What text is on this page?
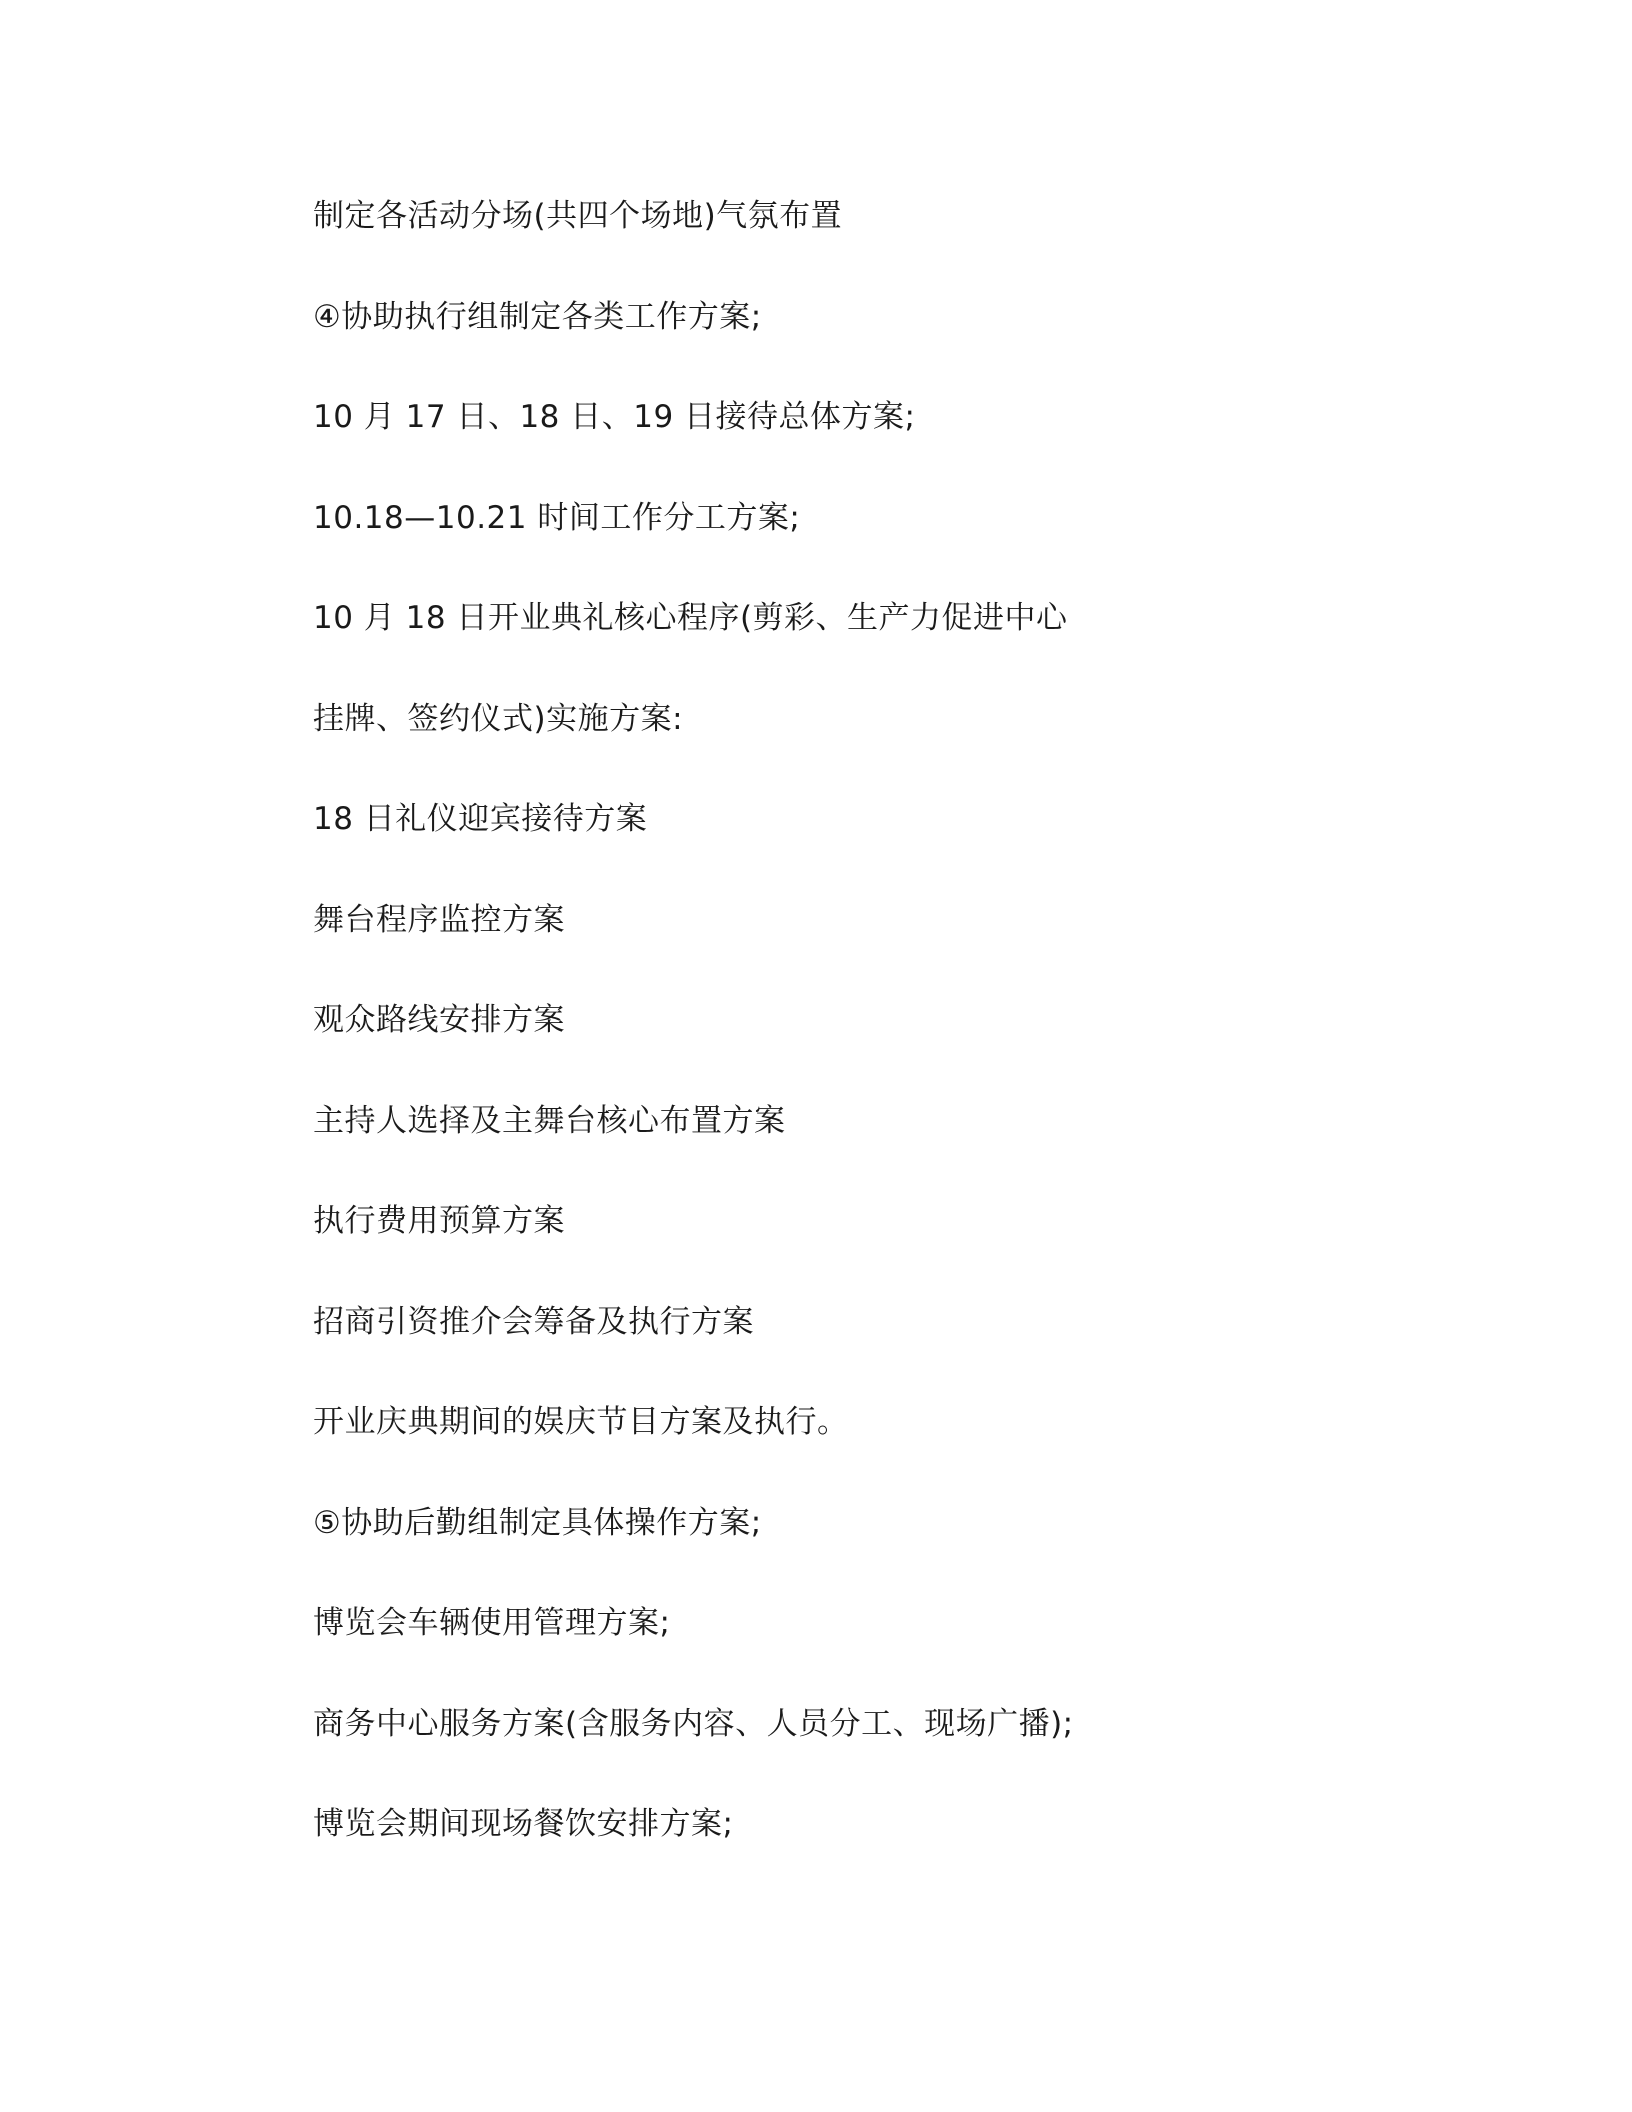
制定各活动分场(共四个场地)气氛布置
④协助执行组制定各类工作方案;
10 月 17 日、18 日、19 日接待总体方案;
10.18—10.21 时间工作分工方案;
10 月 18 日开业典礼核心程序(剪彩、生产力促进中心
挂牌、签约仪式)实施方案:
18 日礼仪迎宾接待方案
舞台程序监控方案
观众路线安排方案
主持人选择及主舞台核心布置方案
执行费用预算方案
招商引资推介会筹备及执行方案
开业庆典期间的娱庆节目方案及执行。
⑤协助后勤组制定具体操作方案;
博览会车辆使用管理方案;
商务中心服务方案(含服务内容、人员分工、现场广播);
博览会期间现场餐饮安排方案;
